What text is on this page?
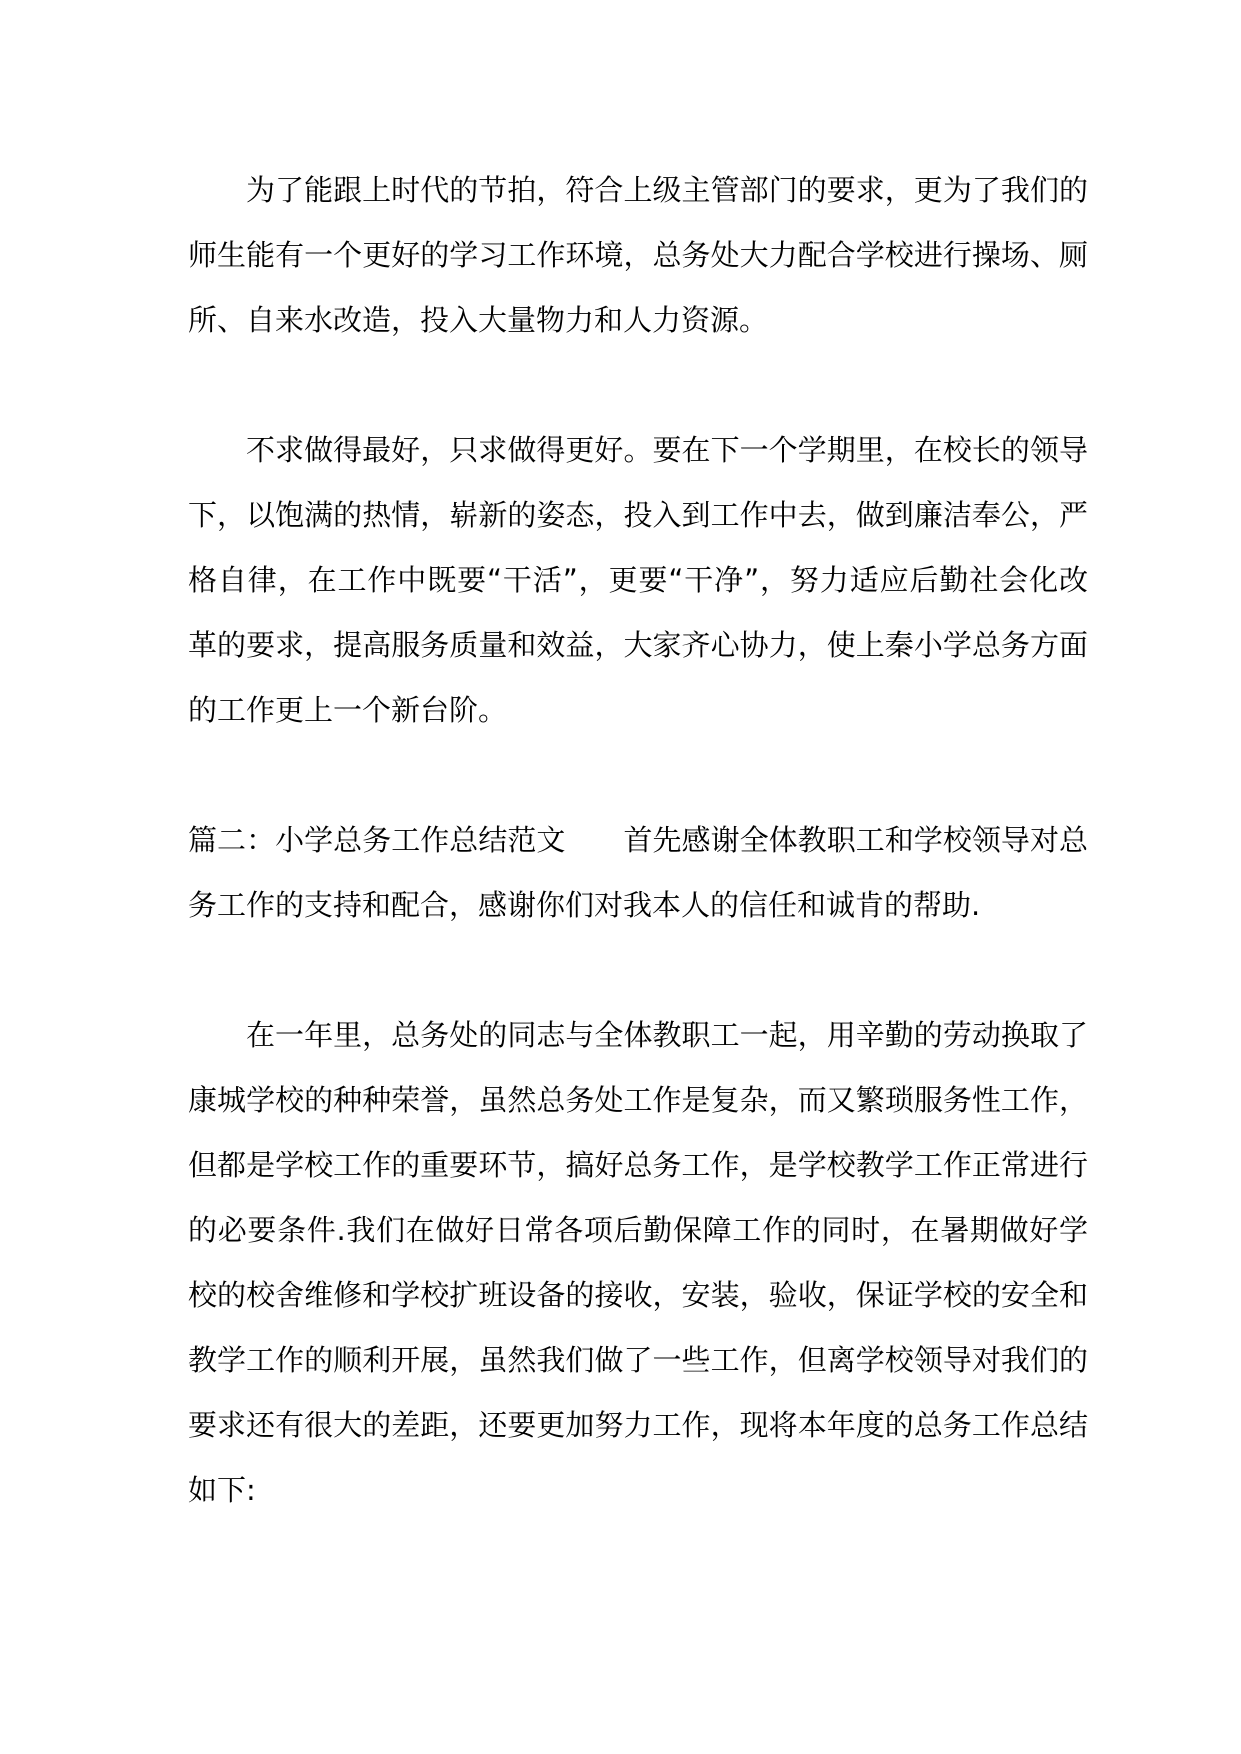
为了能跟上时代的节拍，符合上级主管部门的要求，更为了我们的师生能有一个更好的学习工作环境，总务处大力配合学校进行操场、厕所、自来水改造，投入大量物力和人力资源。

不求做得最好，只求做得更好。要在下一个学期里，在校长的领导下，以饱满的热情，崭新的姿态，投入到工作中去，做到廉洁奉公，严格自律，在工作中既要“干活”，更要“干净”，努力适应后勤社会化改革的要求，提高服务质量和效益，大家齐心协力，使上秦小学总务方面的工作更上一个新台阶。

篇二：小学总务工作总结范文 首先感谢全体教职工和学校领导对总务工作的支持和配合，感谢你们对我本人的信任和诚肯的帮助.

在一年里，总务处的同志与全体教职工一起，用辛勤的劳动换取了康城学校的种种荣誉，虽然总务处工作是复杂，而又繁琐服务性工作，但都是学校工作的重要环节，搞好总务工作，是学校教学工作正常进行的必要条件.我们在做好日常各项后勤保障工作的同时，在暑期做好学校的校舍维修和学校扩班设备的接收，安装，验收，保证学校的安全和教学工作的顺利开展，虽然我们做了一些工作，但离学校领导对我们的要求还有很大的差距，还要更加努力工作，现将本年度的总务工作总结如下:
